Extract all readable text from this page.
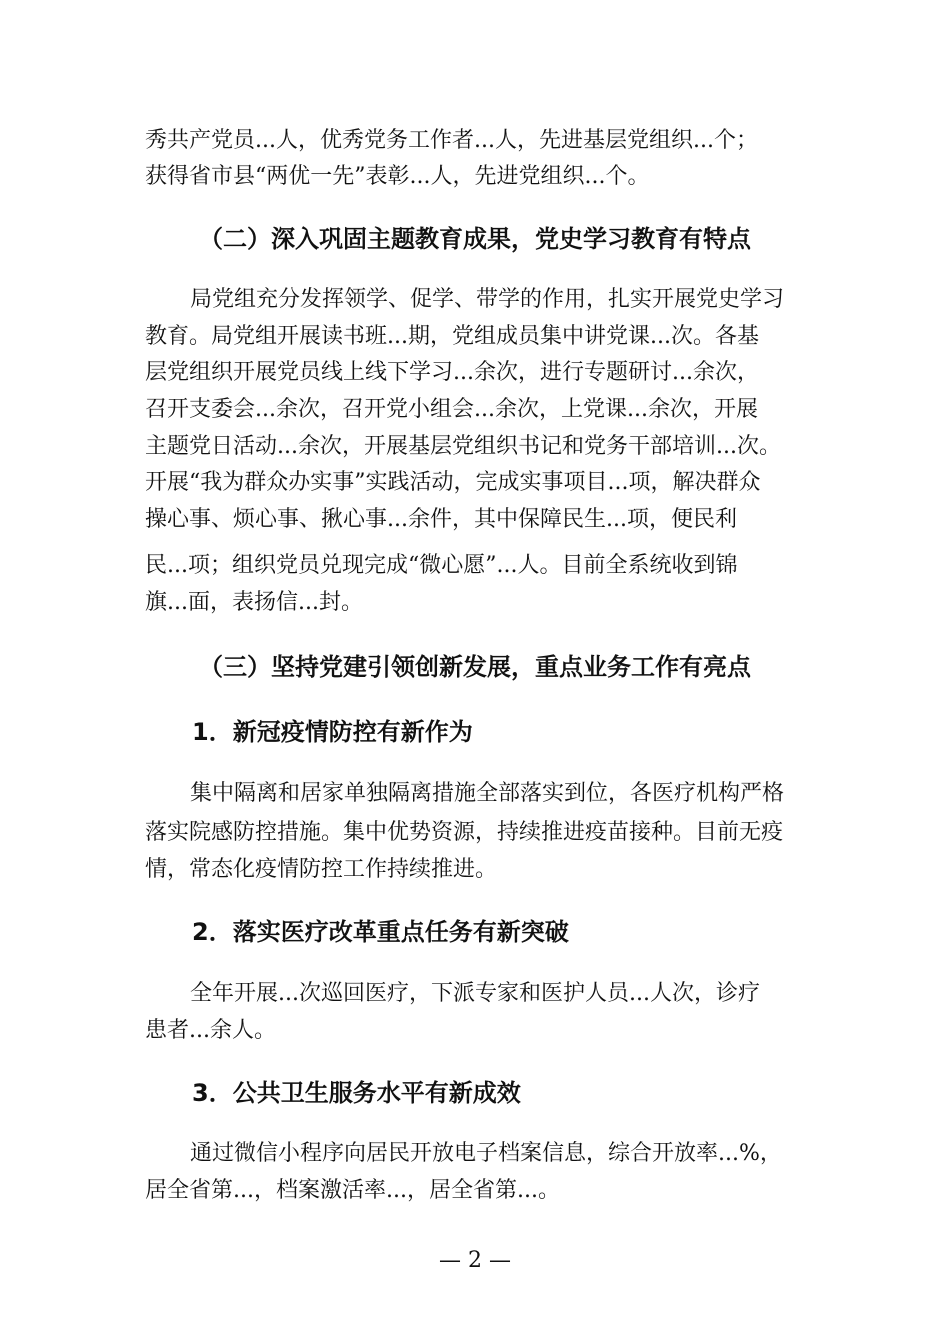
秀共产党员...人，优秀党务工作者...人，先进基层党组织...个；
获得省市县“两优一先”表彰...人，先进党组织...个。
（二）深入巩固主题教育成果，党史学习教育有特点
局党组充分发挥领学、促学、带学的作用，扎实开展党史学习
教育。局党组开展读书班...期，党组成员集中讲党课...次。各基
层党组织开展党员线上线下学习...余次，进行专题研讨...余次，
召开支委会...余次，召开党小组会...余次，上党课...余次，开展
主题党日活动...余次，开展基层党组织书记和党务干部培训...次。
开展“我为群众办实事”实践活动，完成实事项目...项，解决群众
操心事、烦心事、揪心事...余件，其中保障民生...项，便民利
民...项；组织党员兑现完成“微心愿”...人。目前全系统收到锦
旗...面，表扬信...封。
（三）坚持党建引领创新发展，重点业务工作有亮点
1．新冠疫情防控有新作为
集中隔离和居家单独隔离措施全部落实到位，各医疗机构严格
落实院感防控措施。集中优势资源，持续推进疫苗接种。目前无疫
情，常态化疫情防控工作持续推进。
2．落实医疗改革重点任务有新突破
全年开展...次巡回医疗，下派专家和医护人员...人次，诊疗
患者...余人。
3．公共卫生服务水平有新成效
通过微信小程序向居民开放电子档案信息，综合开放率...%，
居全省第...，档案激活率...，居全省第...。
— 2 —
